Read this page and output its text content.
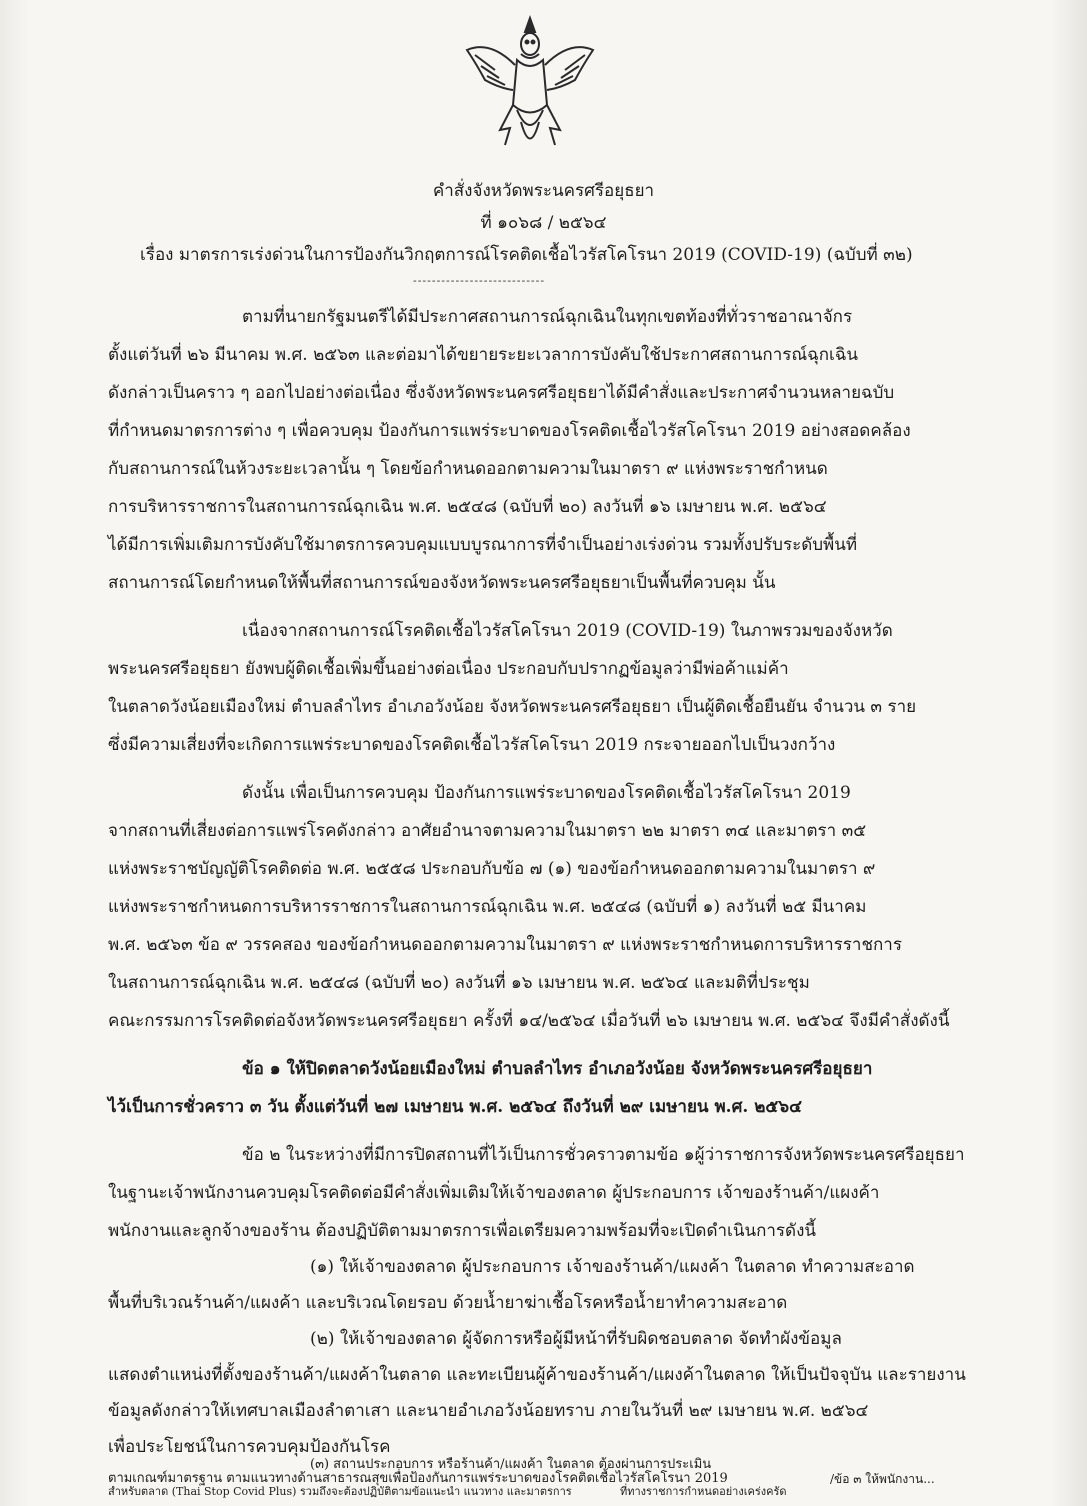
คำสั่งจังหวัดพระนครศรีอยุธยา
ที่ ๑๐๖๘ / ๒๕๖๔
เรื่อง มาตรการเร่งด่วนในการป้องกันวิกฤตการณ์โรคติดเชื้อไวรัสโคโรนา 2019 (COVID-19) (ฉบับที่ ๓๒)
----------------------------
ตามที่นายกรัฐมนตรีได้มีประกาศสถานการณ์ฉุกเฉินในทุกเขตท้องที่ทั่วราชอาณาจักร
ตั้งแต่วันที่ ๒๖ มีนาคม พ.ศ. ๒๕๖๓ และต่อมาได้ขยายระยะเวลาการบังคับใช้ประกาศสถานการณ์ฉุกเฉิน
ดังกล่าวเป็นคราว ๆ ออกไปอย่างต่อเนื่อง ซึ่งจังหวัดพระนครศรีอยุธยาได้มีคำสั่งและประกาศจำนวนหลายฉบับ
ที่กำหนดมาตรการต่าง ๆ เพื่อควบคุม ป้องกันการแพร่ระบาดของโรคติดเชื้อไวรัสโคโรนา 2019 อย่างสอดคล้อง
กับสถานการณ์ในห้วงระยะเวลานั้น ๆ โดยข้อกำหนดออกตามความในมาตรา ๙ แห่งพระราชกำหนด
การบริหารราชการในสถานการณ์ฉุกเฉิน พ.ศ. ๒๕๔๘ (ฉบับที่ ๒๐) ลงวันที่ ๑๖ เมษายน พ.ศ. ๒๕๖๔
ได้มีการเพิ่มเติมการบังคับใช้มาตรการควบคุมแบบบูรณาการที่จำเป็นอย่างเร่งด่วน รวมทั้งปรับระดับพื้นที่
สถานการณ์โดยกำหนดให้พื้นที่สถานการณ์ของจังหวัดพระนครศรีอยุธยาเป็นพื้นที่ควบคุม นั้น
เนื่องจากสถานการณ์โรคติดเชื้อไวรัสโคโรนา 2019 (COVID-19) ในภาพรวมของจังหวัด
พระนครศรีอยุธยา ยังพบผู้ติดเชื้อเพิ่มขึ้นอย่างต่อเนื่อง ประกอบกับปรากฏข้อมูลว่ามีพ่อค้าแม่ค้า
ในตลาดวังน้อยเมืองใหม่ ตำบลลำไทร อำเภอวังน้อย จังหวัดพระนครศรีอยุธยา เป็นผู้ติดเชื้อยืนยัน จำนวน ๓ ราย
ซึ่งมีความเสี่ยงที่จะเกิดการแพร่ระบาดของโรคติดเชื้อไวรัสโคโรนา 2019 กระจายออกไปเป็นวงกว้าง
ดังนั้น เพื่อเป็นการควบคุม ป้องกันการแพร่ระบาดของโรคติดเชื้อไวรัสโคโรนา 2019
จากสถานที่เสี่ยงต่อการแพร่โรคดังกล่าว อาศัยอำนาจตามความในมาตรา ๒๒ มาตรา ๓๔ และมาตรา ๓๕
แห่งพระราชบัญญัติโรคติดต่อ พ.ศ. ๒๕๕๘ ประกอบกับข้อ ๗ (๑) ของข้อกำหนดออกตามความในมาตรา ๙
แห่งพระราชกำหนดการบริหารราชการในสถานการณ์ฉุกเฉิน พ.ศ. ๒๕๔๘ (ฉบับที่ ๑) ลงวันที่ ๒๕ มีนาคม
พ.ศ. ๒๕๖๓ ข้อ ๙ วรรคสอง ของข้อกำหนดออกตามความในมาตรา ๙ แห่งพระราชกำหนดการบริหารราชการ
ในสถานการณ์ฉุกเฉิน พ.ศ. ๒๕๔๘ (ฉบับที่ ๒๐) ลงวันที่ ๑๖ เมษายน พ.ศ. ๒๕๖๔ และมติที่ประชุม
คณะกรรมการโรคติดต่อจังหวัดพระนครศรีอยุธยา ครั้งที่ ๑๔/๒๕๖๔ เมื่อวันที่ ๒๖ เมษายน พ.ศ. ๒๕๖๔ จึงมีคำสั่งดังนี้
ข้อ ๑ ให้ปิดตลาดวังน้อยเมืองใหม่ ตำบลลำไทร อำเภอวังน้อย จังหวัดพระนครศรีอยุธยา
ไว้เป็นการชั่วคราว ๓ วัน ตั้งแต่วันที่ ๒๗ เมษายน พ.ศ. ๒๕๖๔ ถึงวันที่ ๒๙ เมษายน พ.ศ. ๒๕๖๔
ข้อ ๒ ในระหว่างที่มีการปิดสถานที่ไว้เป็นการชั่วคราวตามข้อ ๑ผู้ว่าราชการจังหวัดพระนครศรีอยุธยา
ในฐานะเจ้าพนักงานควบคุมโรคติดต่อมีคำสั่งเพิ่มเติมให้เจ้าของตลาด ผู้ประกอบการ เจ้าของร้านค้า/แผงค้า
พนักงานและลูกจ้างของร้าน ต้องปฏิบัติตามมาตรการเพื่อเตรียมความพร้อมที่จะเปิดดำเนินการดังนี้
(๑) ให้เจ้าของตลาด ผู้ประกอบการ เจ้าของร้านค้า/แผงค้า ในตลาด ทำความสะอาด
พื้นที่บริเวณร้านค้า/แผงค้า และบริเวณโดยรอบ ด้วยน้ำยาฆ่าเชื้อโรคหรือน้ำยาทำความสะอาด
(๒) ให้เจ้าของตลาด ผู้จัดการหรือผู้มีหน้าที่รับผิดชอบตลาด จัดทำผังข้อมูล
แสดงตำแหน่งที่ตั้งของร้านค้า/แผงค้าในตลาด และทะเบียนผู้ค้าของร้านค้า/แผงค้าในตลาด ให้เป็นปัจจุบัน และรายงาน
ข้อมูลดังกล่าวให้เทศบาลเมืองลำตาเสา และนายอำเภอวังน้อยทราบ ภายในวันที่ ๒๙ เมษายน พ.ศ. ๒๕๖๔
เพื่อประโยชน์ในการควบคุมป้องกันโรค
(๓) สถานประกอบการ หรือร้านค้า/แผงค้า ในตลาด ต้องผ่านการประเมิน
ตามเกณฑ์มาตรฐาน ตามแนวทางด้านสาธารณสุขเพื่อป้องกันการแพร่ระบาดของโรคติดเชื้อไวรัสโคโรนา 2019
สำหรับตลาด (Thai Stop Covid Plus) รวมถึงจะต้องปฏิบัติตามข้อแนะนำ แนวทาง และมาตรการ	ที่ทางราชการกำหนดอย่างเคร่งครัด
/ข้อ ๓ ให้พนักงาน...
